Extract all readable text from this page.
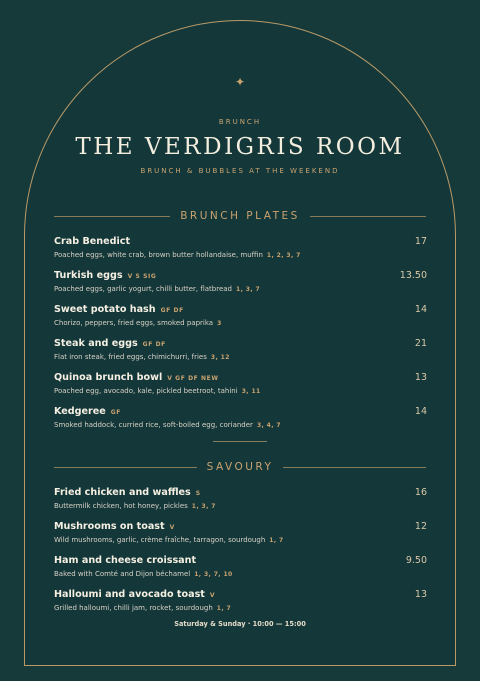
✦
BRUNCH
THE VERDIGRIS ROOM
BRUNCH & BUBBLES AT THE WEEKEND
BRUNCH PLATES
Crab Benedict	17
Poached eggs, white crab, brown butter hollandaise, muffin 1, 2, 3, 7
Turkish eggs V S SIG	13.50
Poached eggs, garlic yogurt, chilli butter, flatbread 1, 3, 7
Sweet potato hash GF DF	14
Chorizo, peppers, fried eggs, smoked paprika 3
Steak and eggs GF DF	21
Flat iron steak, fried eggs, chimichurri, fries 3, 12
Quinoa brunch bowl V GF DF NEW	13
Poached egg, avocado, kale, pickled beetroot, tahini 3, 11
Kedgeree GF	14
Smoked haddock, curried rice, soft-boiled egg, coriander 3, 4, 7
SAVOURY
Fried chicken and waffles S	16
Buttermilk chicken, hot honey, pickles 1, 3, 7
Mushrooms on toast V	12
Wild mushrooms, garlic, crème fraîche, tarragon, sourdough 1, 7
Ham and cheese croissant	9.50
Baked with Comté and Dijon béchamel 1, 3, 7, 10
Halloumi and avocado toast V	13
Grilled halloumi, chilli jam, rocket, sourdough 1, 7
Saturday & Sunday · 10:00 — 15:00
